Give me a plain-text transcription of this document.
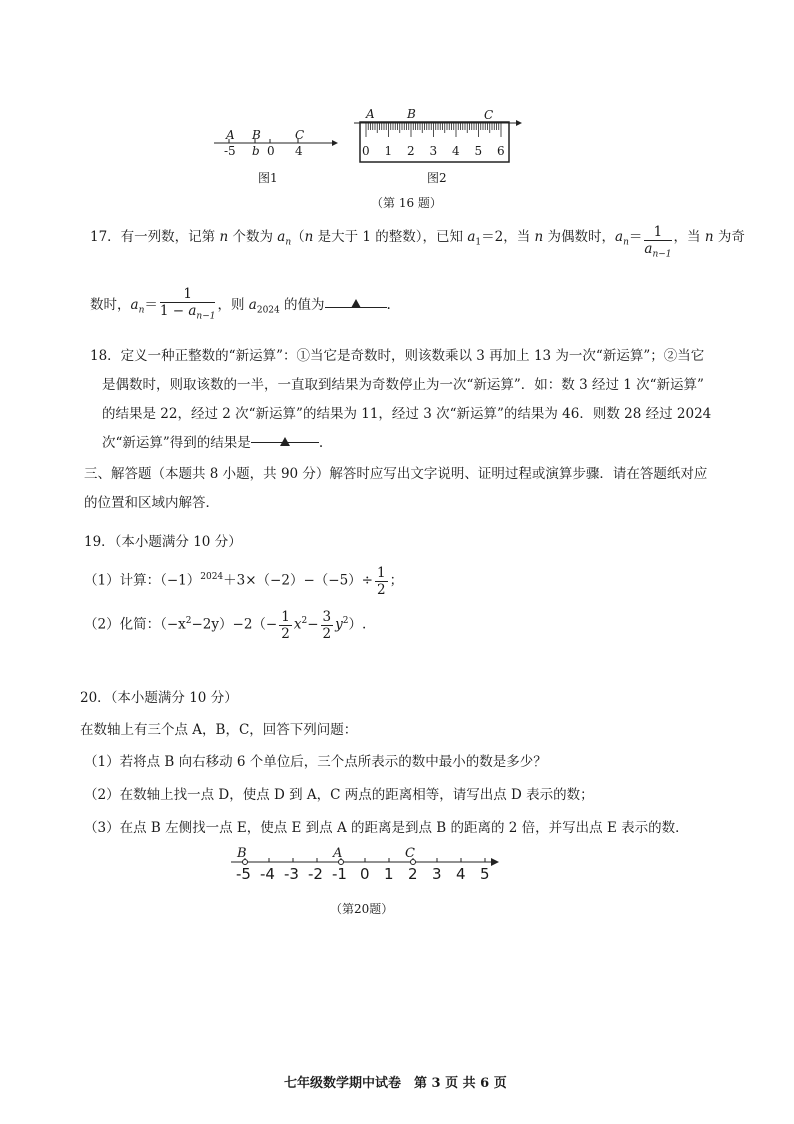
A B	C
-5 b 0 4
图1
A	B	C
0 1 2 3 4 5 6
图2
（第 16 题）
17．有一列数，记第 n 个数为 $a_n(n$ 是大于 1 的整数），已知 $a_1=2$，当 n 为偶数时，$a_n= \frac{1}{a_{n-1}}$ ，当 n 为奇
数时，$a_n= \frac{1}{1 - a_{n-1}}$ ，则 $a_{2024}$ 的值为	.
18．定义一种正整数的“新运算”：①当它是奇数时，则该数乘以 3 再加上 13 为一次“新运算”；②当它
是偶数时，则取该数的一半，一直取到结果为奇数停止为一次“新运算”．如：数 3 经过 1 次“新运算”
的结果是 22，经过 2 次“新运算”的结果为 11，经过 3 次“新运算”的结果为 46．则数 28 经过 2024
次“新运算”得到的结果是	.
三、解答题（本题共 8 小题，共 90 分）解答时应写出文字说明、证明过程或演算步骤．请在答题纸对应
的位置和区域内解答．
19．（本小题满分 10 分）
（1）计算：$(-1)^{2024}+3\times(-2)-(-5)\div \frac{1}{2}$ ；
（2）化简：$(-x^2-2y)-2(- \frac{1}{2} x^2- \frac{3}{2} y^2)$.
20．（本小题满分 10 分）
在数轴上有三个点 A，B，C，回答下列问题：
（1）若将点 B 向右移动 6 个单位后，三个点所表示的数中最小的数是多少？
（2）在数轴上找一点 D，使点 D 到 A，C 两点的距离相等，请写出点 D 表示的数；
（3）在点 B 左侧找一点 E，使点 E 到点 A 的距离是到点 B 的距离的 2 倍，并写出点 E 表示的数．
-5 -4 -3 -2 -1 0 1 2 3 4 5
B	A	C
（第20题）
七年级数学期中试卷　第 3 页 共 6 页
